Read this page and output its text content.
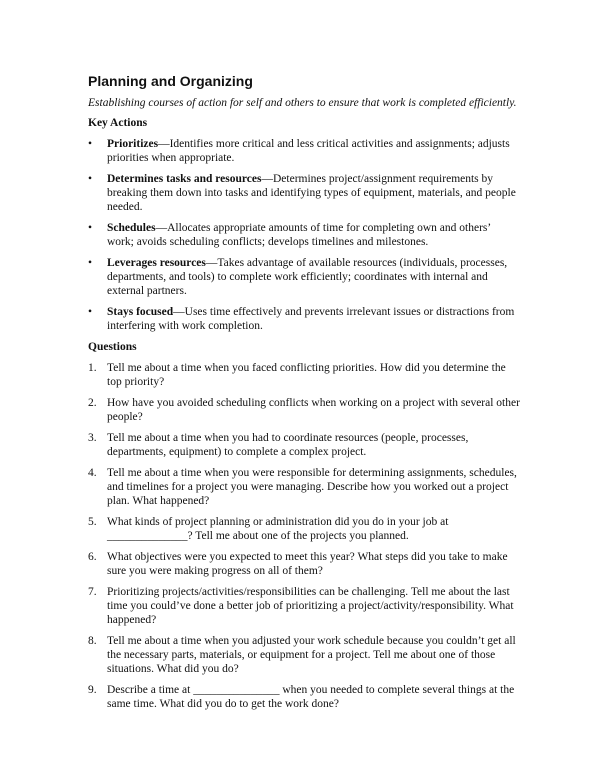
Planning and Organizing

Establishing courses of action for self and others to ensure that work is completed efficiently.

Key Actions
• Prioritizes—Identifies more critical and less critical activities and assignments; adjusts priorities when appropriate.
• Determines tasks and resources—Determines project/assignment requirements by breaking them down into tasks and identifying types of equipment, materials, and people needed.
• Schedules—Allocates appropriate amounts of time for completing own and others’ work; avoids scheduling conflicts; develops timelines and milestones.
• Leverages resources—Takes advantage of available resources (individuals, processes, departments, and tools) to complete work efficiently; coordinates with internal and external partners.
• Stays focused—Uses time effectively and prevents irrelevant issues or distractions from interfering with work completion.
Questions
1. Tell me about a time when you faced conflicting priorities. How did you determine the top priority?
2. How have you avoided scheduling conflicts when working on a project with several other people?
3. Tell me about a time when you had to coordinate resources (people, processes, departments, equipment) to complete a complex project.
4. Tell me about a time when you were responsible for determining assignments, schedules, and timelines for a project you were managing. Describe how you worked out a project plan. What happened?
5. What kinds of project planning or administration did you do in your job at ______________? Tell me about one of the projects you planned.
6. What objectives were you expected to meet this year? What steps did you take to make sure you were making progress on all of them?
7. Prioritizing projects/activities/responsibilities can be challenging. Tell me about the last time you could’ve done a better job of prioritizing a project/activity/responsibility. What happened?
8. Tell me about a time when you adjusted your work schedule because you couldn’t get all the necessary parts, materials, or equipment for a project. Tell me about one of those situations. What did you do?
9. Describe a time at _______________ when you needed to complete several things at the same time. What did you do to get the work done?
